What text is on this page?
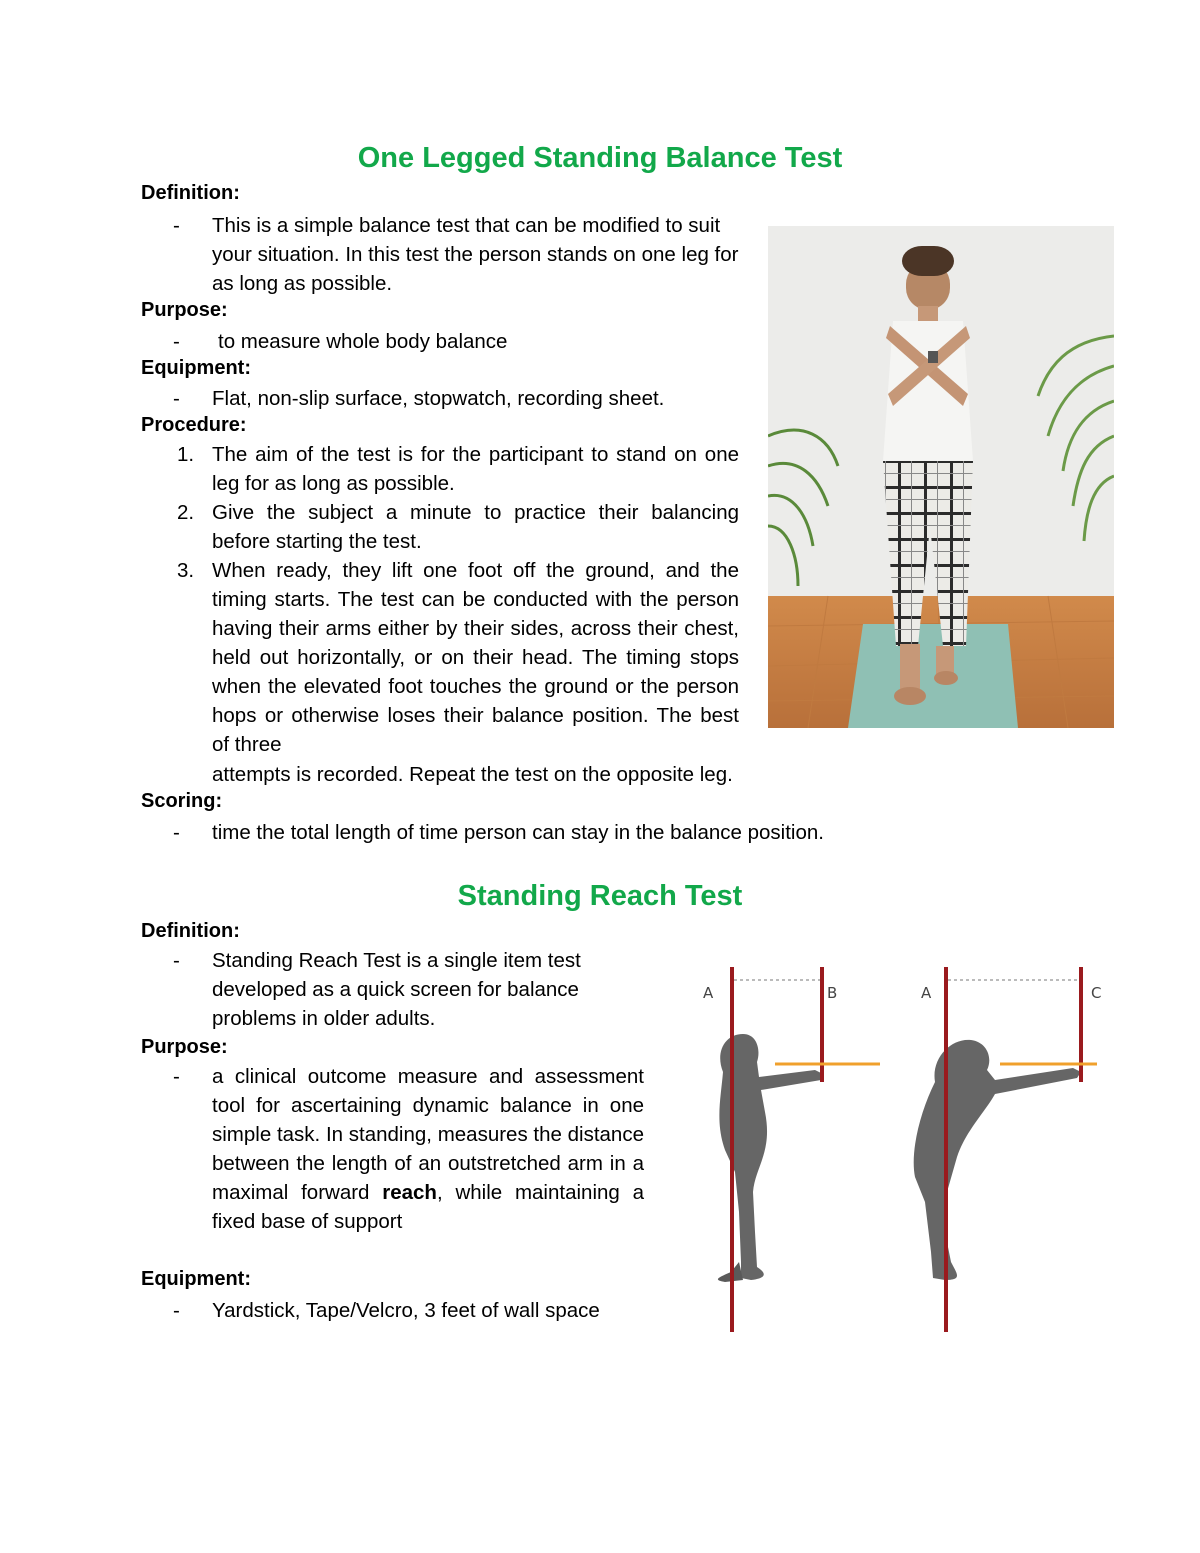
One Legged Standing Balance Test
Definition:
- This is a simple balance test that can be modified to suit your situation. In this test the person stands on one leg for as long as possible.
Purpose:
- to measure whole body balance
Equipment:
- Flat, non-slip surface, stopwatch, recording sheet.
Procedure:
1. The aim of the test is for the participant to stand on one leg for as long as possible.
2. Give the subject a minute to practice their balancing before starting the test.
3. When ready, they lift one foot off the ground, and the timing starts. The test can be conducted with the person having their arms either by their sides, across their chest, held out horizontally, or on their head. The timing stops when the elevated foot touches the ground or the person hops or otherwise loses their balance position. The best of three
attempts is recorded. Repeat the test on the opposite leg.
Scoring:
- time the total length of time person can stay in the balance position.
Standing Reach Test
Definition:
- Standing Reach Test is a single item test developed as a quick screen for balance problems in older adults.
Purpose:
- a clinical outcome measure and assessment tool for ascertaining dynamic balance in one simple task. In standing, measures the distance between the length of an outstretched arm in a maximal forward reach, while maintaining a fixed base of support
Equipment:
- Yardstick, Tape/Velcro, 3 feet of wall space
A	B	A	C
